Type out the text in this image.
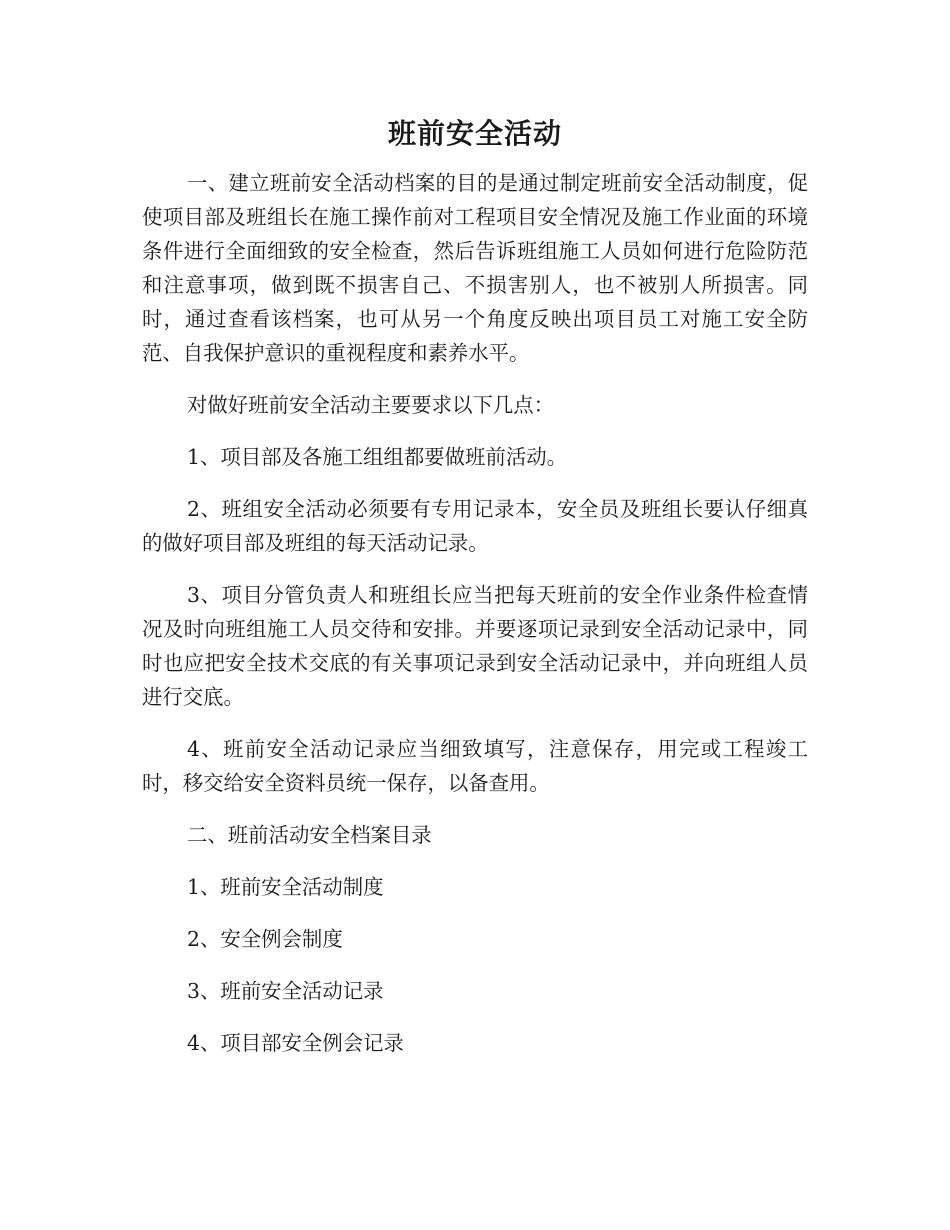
班前安全活动

一、建立班前安全活动档案的目的是通过制定班前安全活动制度，促使项目部及班组长在施工操作前对工程项目安全情况及施工作业面的环境条件进行全面细致的安全检查，然后告诉班组施工人员如何进行危险防范和注意事项，做到既不损害自己、不损害别人，也不被别人所损害。同时，通过查看该档案，也可从另一个角度反映出项目员工对施工安全防范、自我保护意识的重视程度和素养水平。

对做好班前安全活动主要要求以下几点：

1、项目部及各施工组组都要做班前活动。

2、班组安全活动必须要有专用记录本，安全员及班组长要认仔细真的做好项目部及班组的每天活动记录。

3、项目分管负责人和班组长应当把每天班前的安全作业条件检查情况及时向班组施工人员交待和安排。并要逐项记录到安全活动记录中，同时也应把安全技术交底的有关事项记录到安全活动记录中，并向班组人员进行交底。

4、班前安全活动记录应当细致填写，注意保存，用完或工程竣工时，移交给安全资料员统一保存，以备查用。

二、班前活动安全档案目录

1、班前安全活动制度

2、安全例会制度

3、班前安全活动记录

4、项目部安全例会记录
